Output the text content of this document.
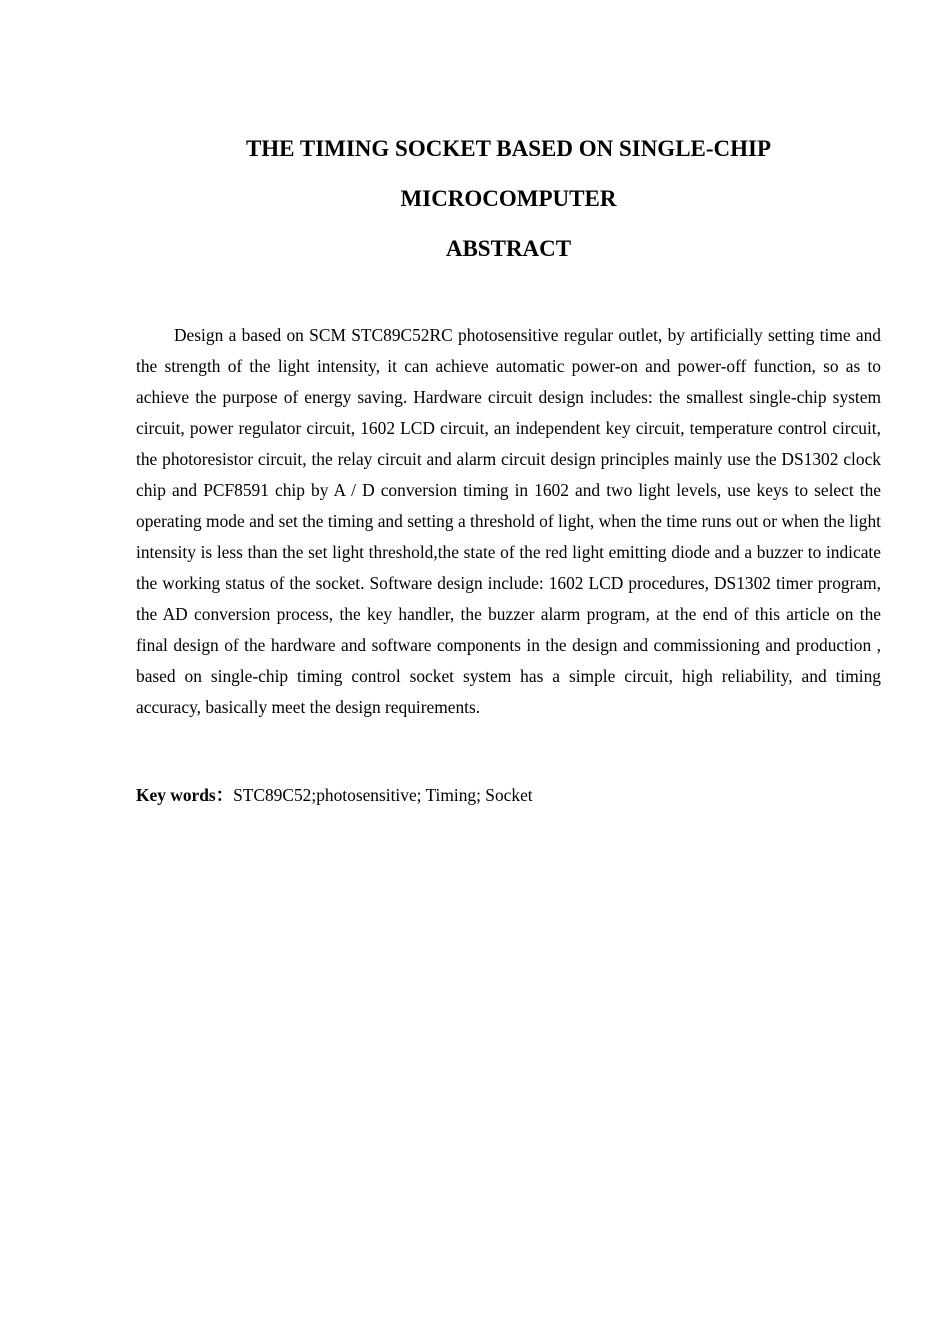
THE TIMING SOCKET BASED ON SINGLE-CHIP
MICROCOMPUTER
ABSTRACT

Design a based on SCM STC89C52RC photosensitive regular outlet, by artificially setting time and the strength of the light intensity, it can achieve automatic power-on and power-off function, so as to achieve the purpose of energy saving. Hardware circuit design includes: the smallest single-chip system circuit, power regulator circuit, 1602 LCD circuit, an independent key circuit, temperature control circuit, the photoresistor circuit, the relay circuit and alarm circuit design principles mainly use the DS1302 clock chip and PCF8591 chip by A / D conversion timing in 1602 and two light levels, use keys to select the operating mode and set the timing and setting a threshold of light, when the time runs out or when the light intensity is less than the set light threshold,the state of the red light emitting diode and a buzzer to indicate the working status of the socket. Software design include: 1602 LCD procedures, DS1302 timer program, the AD conversion process, the key handler, the buzzer alarm program, at the end of this article on the final design of the hardware and software components in the design and commissioning and production , based on single-chip timing control socket system has a simple circuit, high reliability, and timing accuracy, basically meet the design requirements.

Key words：STC89C52;photosensitive; Timing; Socket
